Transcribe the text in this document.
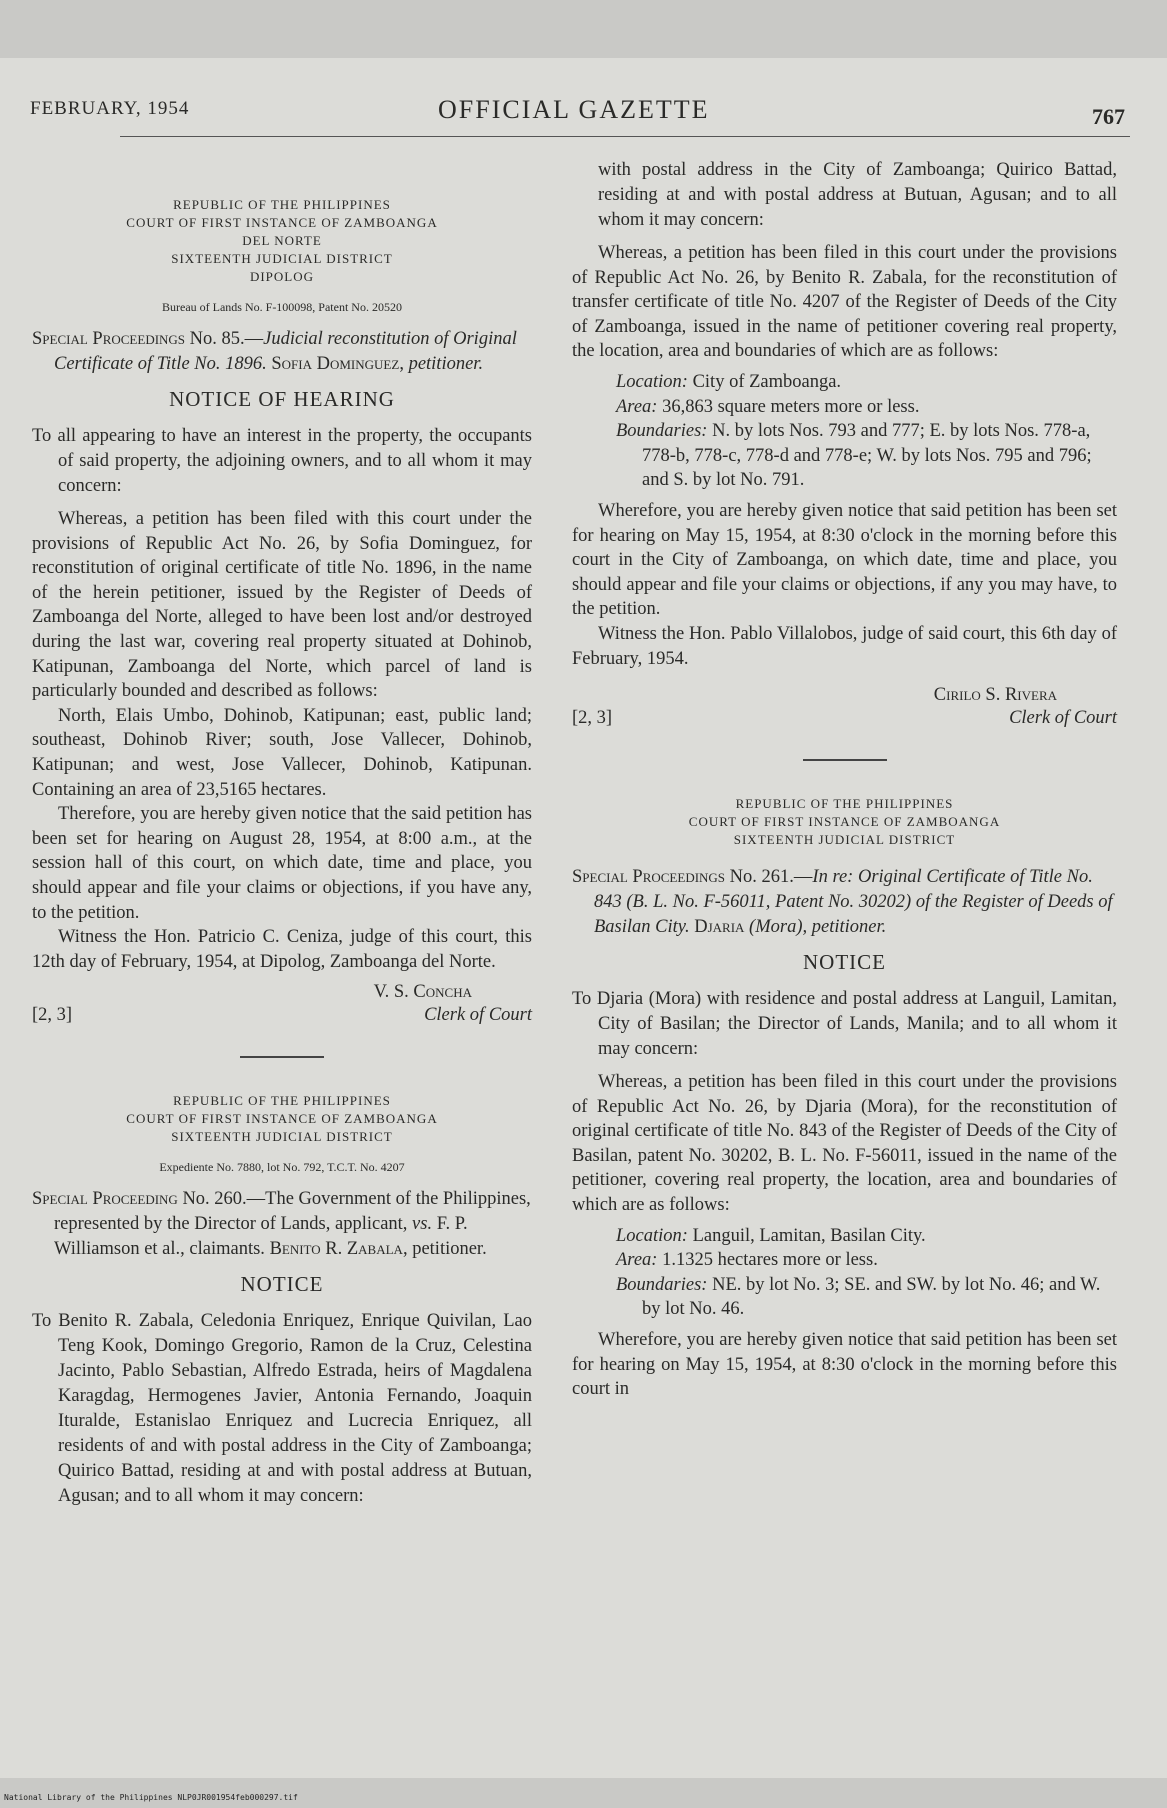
FEBRUARY, 1954	OFFICIAL GAZETTE	767
REPUBLIC OF THE PHILIPPINES
COURT OF FIRST INSTANCE OF ZAMBOANGA
DEL NORTE
SIXTEENTH JUDICIAL DISTRICT
DIPOLOG
Bureau of Lands No. F-100098, Patent No. 20520

Special Proceedings No. 85.—Judicial reconstitution of Original Certificate of Title No. 1896. Sofia Dominguez, petitioner.

NOTICE OF HEARING

To all appearing to have an interest in the property, the occupants of said property, the adjoining owners, and to all whom it may concern:

Whereas, a petition has been filed with this court under the provisions of Republic Act No. 26, by Sofia Dominguez, for reconstitution of original certificate of title No. 1896, in the name of the herein petitioner, issued by the Register of Deeds of Zamboanga del Norte, alleged to have been lost and/or destroyed during the last war, covering real property situated at Dohinob, Katipunan, Zamboanga del Norte, which parcel of land is particularly bounded and described as follows:

North, Elais Umbo, Dohinob, Katipunan; east, public land; southeast, Dohinob River; south, Jose Vallecer, Dohinob, Katipunan; and west, Jose Vallecer, Dohinob, Katipunan. Containing an area of 23,5165 hectares.

Therefore, you are hereby given notice that the said petition has been set for hearing on August 28, 1954, at 8:00 a.m., at the session hall of this court, on which date, time and place, you should appear and file your claims or objections, if you have any, to the petition.

Witness the Hon. Patricio C. Ceniza, judge of this court, this 12th day of February, 1954, at Dipolog, Zamboanga del Norte.

V. S. Concha
[2, 3]	Clerk of Court
REPUBLIC OF THE PHILIPPINES
COURT OF FIRST INSTANCE OF ZAMBOANGA
SIXTEENTH JUDICIAL DISTRICT
Expediente No. 7880, lot No. 792, T.C.T. No. 4207

Special Proceeding No. 260.—The Government of the Philippines, represented by the Director of Lands, applicant, vs. F. P. Williamson et al., claimants. Benito R. Zabala, petitioner.

NOTICE

To Benito R. Zabala, Celedonia Enriquez, Enrique Quivilan, Lao Teng Kook, Domingo Gregorio, Ramon de la Cruz, Celestina Jacinto, Pablo Sebastian, Alfredo Estrada, heirs of Magdalena Karagdag, Hermogenes Javier, Antonia Fernando, Joaquin Ituralde, Estanislao Enriquez and Lucrecia Enriquez, all residents of and with postal address in the City of Zamboanga; Quirico Battad, residing at and with postal address at Butuan, Agusan; and to all whom it may concern:

with postal address in the City of Zamboanga; Quirico Battad, residing at and with postal address at Butuan, Agusan; and to all whom it may concern:

Whereas, a petition has been filed in this court under the provisions of Republic Act No. 26, by Benito R. Zabala, for the reconstitution of transfer certificate of title No. 4207 of the Register of Deeds of the City of Zamboanga, issued in the name of petitioner covering real property, the location, area and boundaries of which are as follows:

Location: City of Zamboanga.

Area: 36,863 square meters more or less.

Boundaries: N. by lots Nos. 793 and 777; E. by lots Nos. 778-a, 778-b, 778-c, 778-d and 778-e; W. by lots Nos. 795 and 796; and S. by lot No. 791.

Wherefore, you are hereby given notice that said petition has been set for hearing on May 15, 1954, at 8:30 o'clock in the morning before this court in the City of Zamboanga, on which date, time and place, you should appear and file your claims or objections, if any you may have, to the petition.

Witness the Hon. Pablo Villalobos, judge of said court, this 6th day of February, 1954.

Cirilo S. Rivera
[2, 3]	Clerk of Court
REPUBLIC OF THE PHILIPPINES
COURT OF FIRST INSTANCE OF ZAMBOANGA
SIXTEENTH JUDICIAL DISTRICT

Special Proceedings No. 261.—In re: Original Certificate of Title No. 843 (B. L. No. F-56011, Patent No. 30202) of the Register of Deeds of Basilan City. Djaria (Mora), petitioner.

NOTICE

To Djaria (Mora) with residence and postal address at Languil, Lamitan, City of Basilan; the Director of Lands, Manila; and to all whom it may concern:

Whereas, a petition has been filed in this court under the provisions of Republic Act No. 26, by Djaria (Mora), for the reconstitution of original certificate of title No. 843 of the Register of Deeds of the City of Basilan, patent No. 30202, B. L. No. F-56011, issued in the name of the petitioner, covering real property, the location, area and boundaries of which are as follows:

Location: Languil, Lamitan, Basilan City.

Area: 1.1325 hectares more or less.

Boundaries: NE. by lot No. 3; SE. and SW. by lot No. 46; and W. by lot No. 46.

Wherefore, you are hereby given notice that said petition has been set for hearing on May 15, 1954, at 8:30 o'clock in the morning before this court in

National Library of the Philippines NLP0JR001954feb000297.tif
